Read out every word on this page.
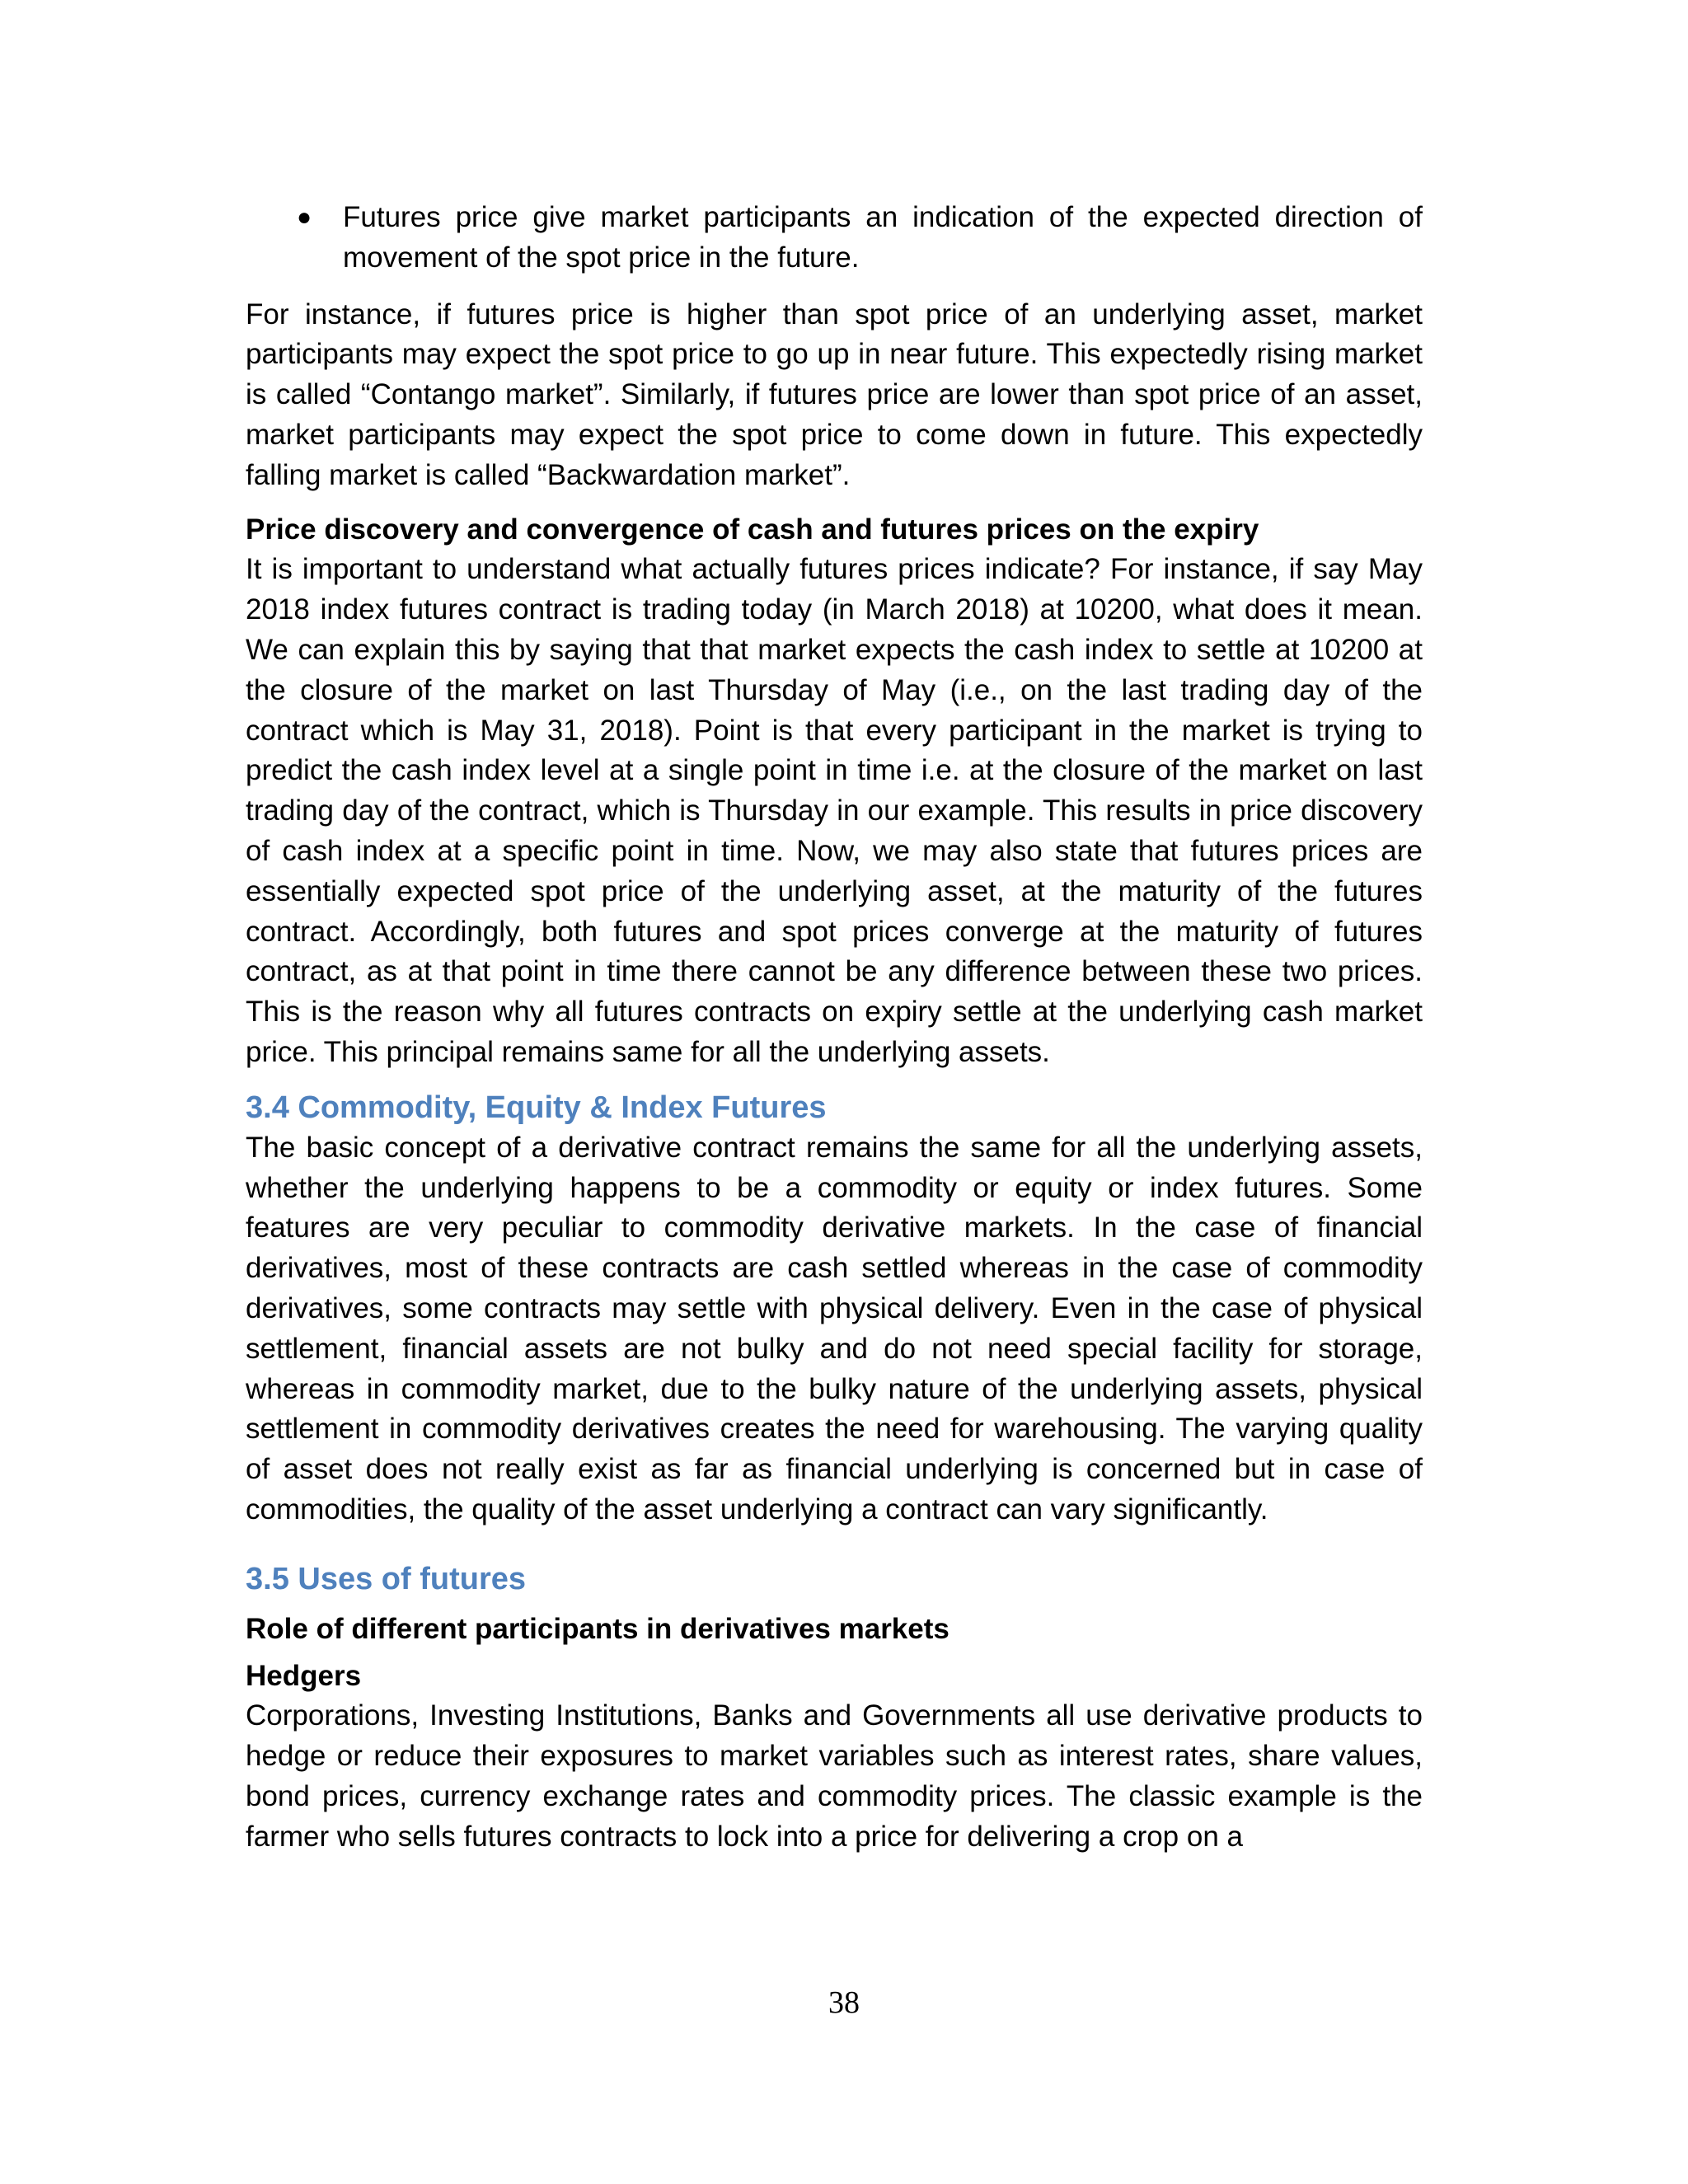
● Futures price give market participants an indication of the expected direction of movement of the spot price in the future.

For instance, if futures price is higher than spot price of an underlying asset, market participants may expect the spot price to go up in near future. This expectedly rising market is called “Contango market”. Similarly, if futures price are lower than spot price of an asset, market participants may expect the spot price to come down in future. This expectedly falling market is called “Backwardation market”.

Price discovery and convergence of cash and futures prices on the expiry

It is important to understand what actually futures prices indicate? For instance, if say May 2018 index futures contract is trading today (in March 2018) at 10200, what does it mean. We can explain this by saying that that market expects the cash index to settle at 10200 at the closure of the market on last Thursday of May (i.e., on the last trading day of the contract which is May 31, 2018). Point is that every participant in the market is trying to predict the cash index level at a single point in time i.e. at the closure of the market on last trading day of the contract, which is Thursday in our example. This results in price discovery of cash index at a specific point in time. Now, we may also state that futures prices are essentially expected spot price of the underlying asset, at the maturity of the futures contract. Accordingly, both futures and spot prices converge at the maturity of futures contract, as at that point in time there cannot be any difference between these two prices. This is the reason why all futures contracts on expiry settle at the underlying cash market price. This principal remains same for all the underlying assets.

3.4 Commodity, Equity & Index Futures

The basic concept of a derivative contract remains the same for all the underlying assets, whether the underlying happens to be a commodity or equity or index futures. Some features are very peculiar to commodity derivative markets. In the case of financial derivatives, most of these contracts are cash settled whereas in the case of commodity derivatives, some contracts may settle with physical delivery. Even in the case of physical settlement, financial assets are not bulky and do not need special facility for storage, whereas in commodity market, due to the bulky nature of the underlying assets, physical settlement in commodity derivatives creates the need for warehousing. The varying quality of asset does not really exist as far as financial underlying is concerned but in case of commodities, the quality of the asset underlying a contract can vary significantly.

3.5 Uses of futures

Role of different participants in derivatives markets

Hedgers

Corporations, Investing Institutions, Banks and Governments all use derivative products to hedge or reduce their exposures to market variables such as interest rates, share values, bond prices, currency exchange rates and commodity prices. The classic example is the farmer who sells futures contracts to lock into a price for delivering a crop on a

38
